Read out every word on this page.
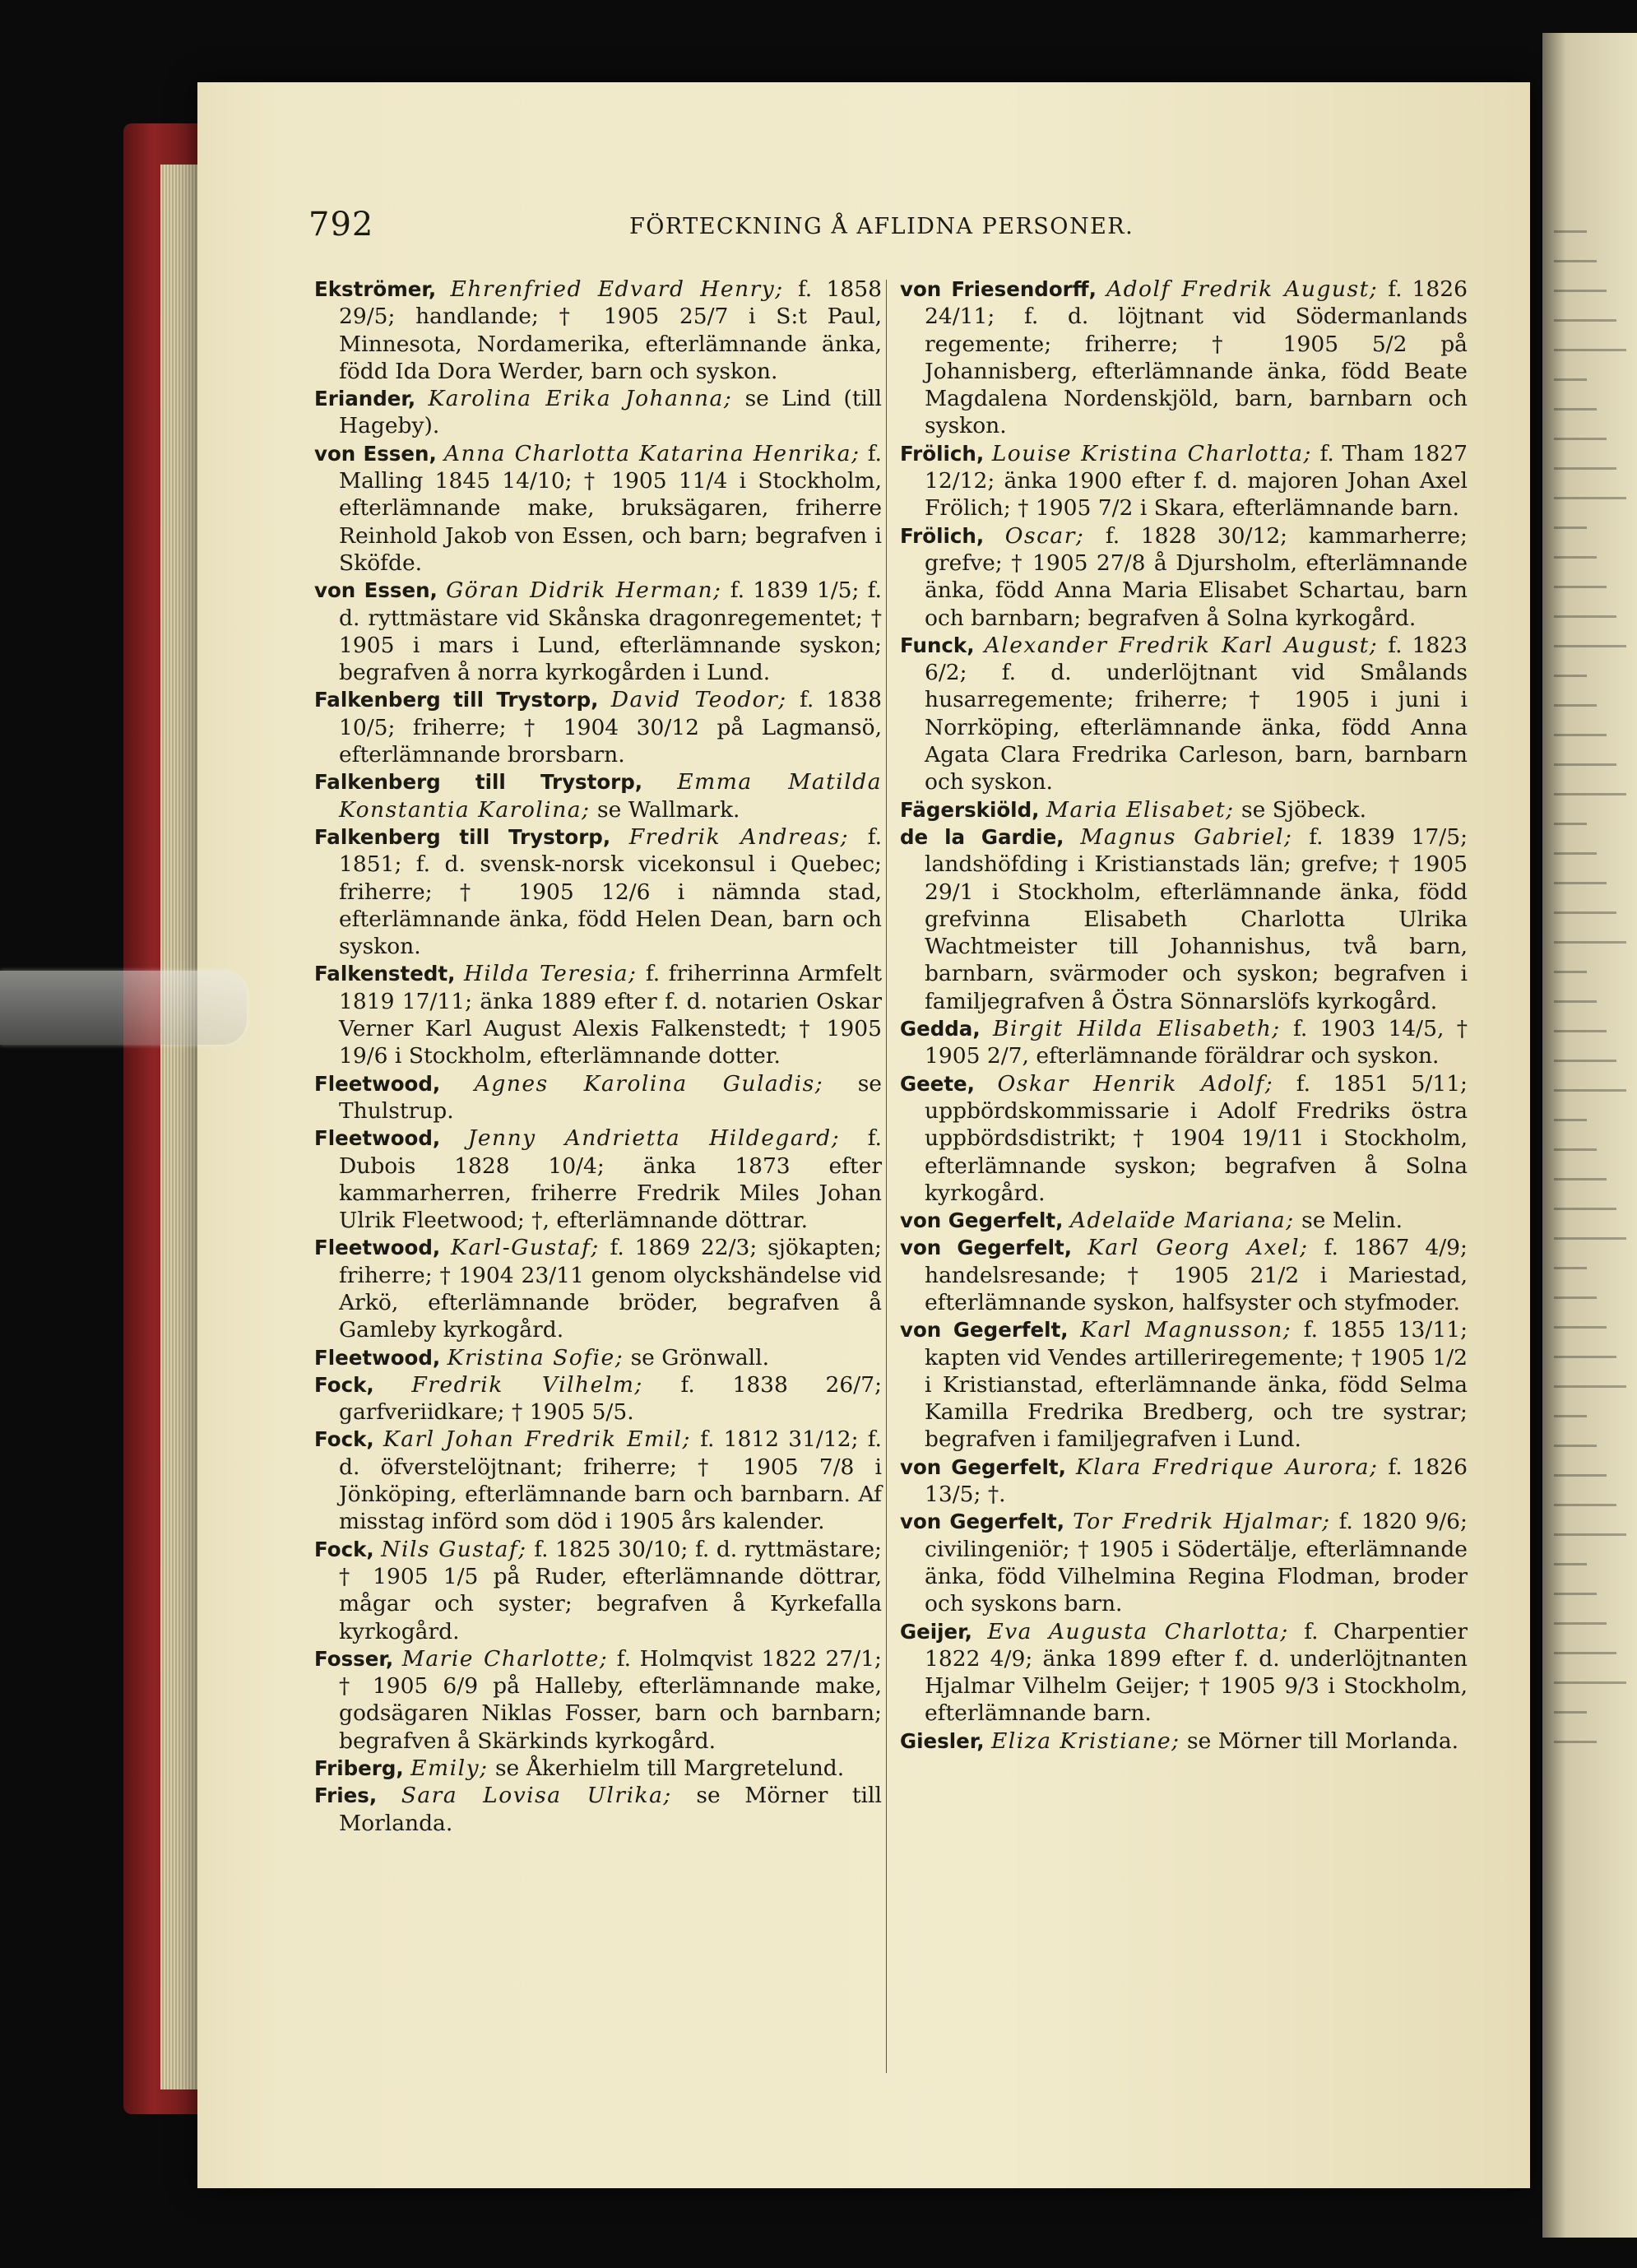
792	FÖRTECKNING Å AFLIDNA PERSONER.

Ekströmer, Ehrenfried Edvard Henry; f. 1858 29/5; handlande; † 1905 25/7 i S:t Paul, Minnesota, Nordamerika, efterlämnande änka, född Ida Dora Werder, barn och syskon.

Eriander, Karolina Erika Johanna; se Lind (till Hageby).

von Essen, Anna Charlotta Katarina Henrika; f. Malling 1845 14/10; † 1905 11/4 i Stockholm, efterlämnande make, bruksägaren, friherre Reinhold Jakob von Essen, och barn; begrafven i Sköfde.

von Essen, Göran Didrik Herman; f. 1839 1/5; f. d. ryttmästare vid Skånska dragonregementet; † 1905 i mars i Lund, efterlämnande syskon; begrafven å norra kyrkogården i Lund.

Falkenberg till Trystorp, David Teodor; f. 1838 10/5; friherre; † 1904 30/12 på Lagmansö, efterlämnande brorsbarn.

Falkenberg till Trystorp, Emma Matilda Konstantia Karolina; se Wallmark.

Falkenberg till Trystorp, Fredrik Andreas; f. 1851; f. d. svensk-norsk vicekonsul i Quebec; friherre; † 1905 12/6 i nämnda stad, efterlämnande änka, född Helen Dean, barn och syskon.

Falkenstedt, Hilda Teresia; f. friherrinna Armfelt 1819 17/11; änka 1889 efter f. d. notarien Oskar Verner Karl August Alexis Falkenstedt; † 1905 19/6 i Stockholm, efterlämnande dotter.

Fleetwood, Agnes Karolina Guladis; se Thulstrup.

Fleetwood, Jenny Andrietta Hildegard; f. Dubois 1828 10/4; änka 1873 efter kammarherren, friherre Fredrik Miles Johan Ulrik Fleetwood; †, efterlämnande döttrar.

Fleetwood, Karl-Gustaf; f. 1869 22/3; sjökapten; friherre; † 1904 23/11 genom olyckshändelse vid Arkö, efterlämnande bröder, begrafven å Gamleby kyrkogård.

Fleetwood, Kristina Sofie; se Grönwall.

Fock, Fredrik Vilhelm; f. 1838 26/7; garfveriidkare; † 1905 5/5.

Fock, Karl Johan Fredrik Emil; f. 1812 31/12; f. d. öfverstelöjtnant; friherre; † 1905 7/8 i Jönköping, efterlämnande barn och barnbarn. Af misstag införd som död i 1905 års kalender.

Fock, Nils Gustaf; f. 1825 30/10; f. d. ryttmästare; † 1905 1/5 på Ruder, efterlämnande döttrar, mågar och syster; begrafven å Kyrkefalla kyrkogård.

Fosser, Marie Charlotte; f. Holmqvist 1822 27/1; † 1905 6/9 på Halleby, efterlämnande make, godsägaren Niklas Fosser, barn och barnbarn; begrafven å Skärkinds kyrkogård.

Friberg, Emily; se Åkerhielm till Margretelund.

Fries, Sara Lovisa Ulrika; se Mörner till Morlanda.

von Friesendorff, Adolf Fredrik August; f. 1826 24/11; f. d. löjtnant vid Södermanlands regemente; friherre; † 1905 5/2 på Johannisberg, efterlämnande änka, född Beate Magdalena Nordenskjöld, barn, barnbarn och syskon.

Frölich, Louise Kristina Charlotta; f. Tham 1827 12/12; änka 1900 efter f. d. majoren Johan Axel Frölich; † 1905 7/2 i Skara, efterlämnande barn.

Frölich, Oscar; f. 1828 30/12; kammarherre; grefve; † 1905 27/8 å Djursholm, efterlämnande änka, född Anna Maria Elisabet Schartau, barn och barnbarn; begrafven å Solna kyrkogård.

Funck, Alexander Fredrik Karl August; f. 1823 6/2; f. d. underlöjtnant vid Smålands husarregemente; friherre; † 1905 i juni i Norrköping, efterlämnande änka, född Anna Agata Clara Fredrika Carleson, barn, barnbarn och syskon.

Fägerskiöld, Maria Elisabet; se Sjöbeck.

de la Gardie, Magnus Gabriel; f. 1839 17/5; landshöfding i Kristianstads län; grefve; † 1905 29/1 i Stockholm, efterlämnande änka, född grefvinna Elisabeth Charlotta Ulrika Wachtmeister till Johannishus, två barn, barnbarn, svärmoder och syskon; begrafven i familjegrafven å Östra Sönnarslöfs kyrkogård.

Gedda, Birgit Hilda Elisabeth; f. 1903 14/5, † 1905 2/7, efterlämnande föräldrar och syskon.

Geete, Oskar Henrik Adolf; f. 1851 5/11; uppbördskommissarie i Adolf Fredriks östra uppbördsdistrikt; † 1904 19/11 i Stockholm, efterlämnande syskon; begrafven å Solna kyrkogård.

von Gegerfelt, Adelaïde Mariana; se Melin.

von Gegerfelt, Karl Georg Axel; f. 1867 4/9; handelsresande; † 1905 21/2 i Mariestad, efterlämnande syskon, halfsyster och styfmoder.

von Gegerfelt, Karl Magnusson; f. 1855 13/11; kapten vid Vendes artilleriregemente; † 1905 1/2 i Kristianstad, efterlämnande änka, född Selma Kamilla Fredrika Bredberg, och tre systrar; begrafven i familjegrafven i Lund.

von Gegerfelt, Klara Fredrique Aurora; f. 1826 13/5; †.

von Gegerfelt, Tor Fredrik Hjalmar; f. 1820 9/6; civilingeniör; † 1905 i Södertälje, efterlämnande änka, född Vilhelmina Regina Flodman, broder och syskons barn.

Geijer, Eva Augusta Charlotta; f. Charpentier 1822 4/9; änka 1899 efter f. d. underlöjtnanten Hjalmar Vilhelm Geijer; † 1905 9/3 i Stockholm, efterlämnande barn.

Giesler, Eliza Kristiane; se Mörner till Morlanda.
